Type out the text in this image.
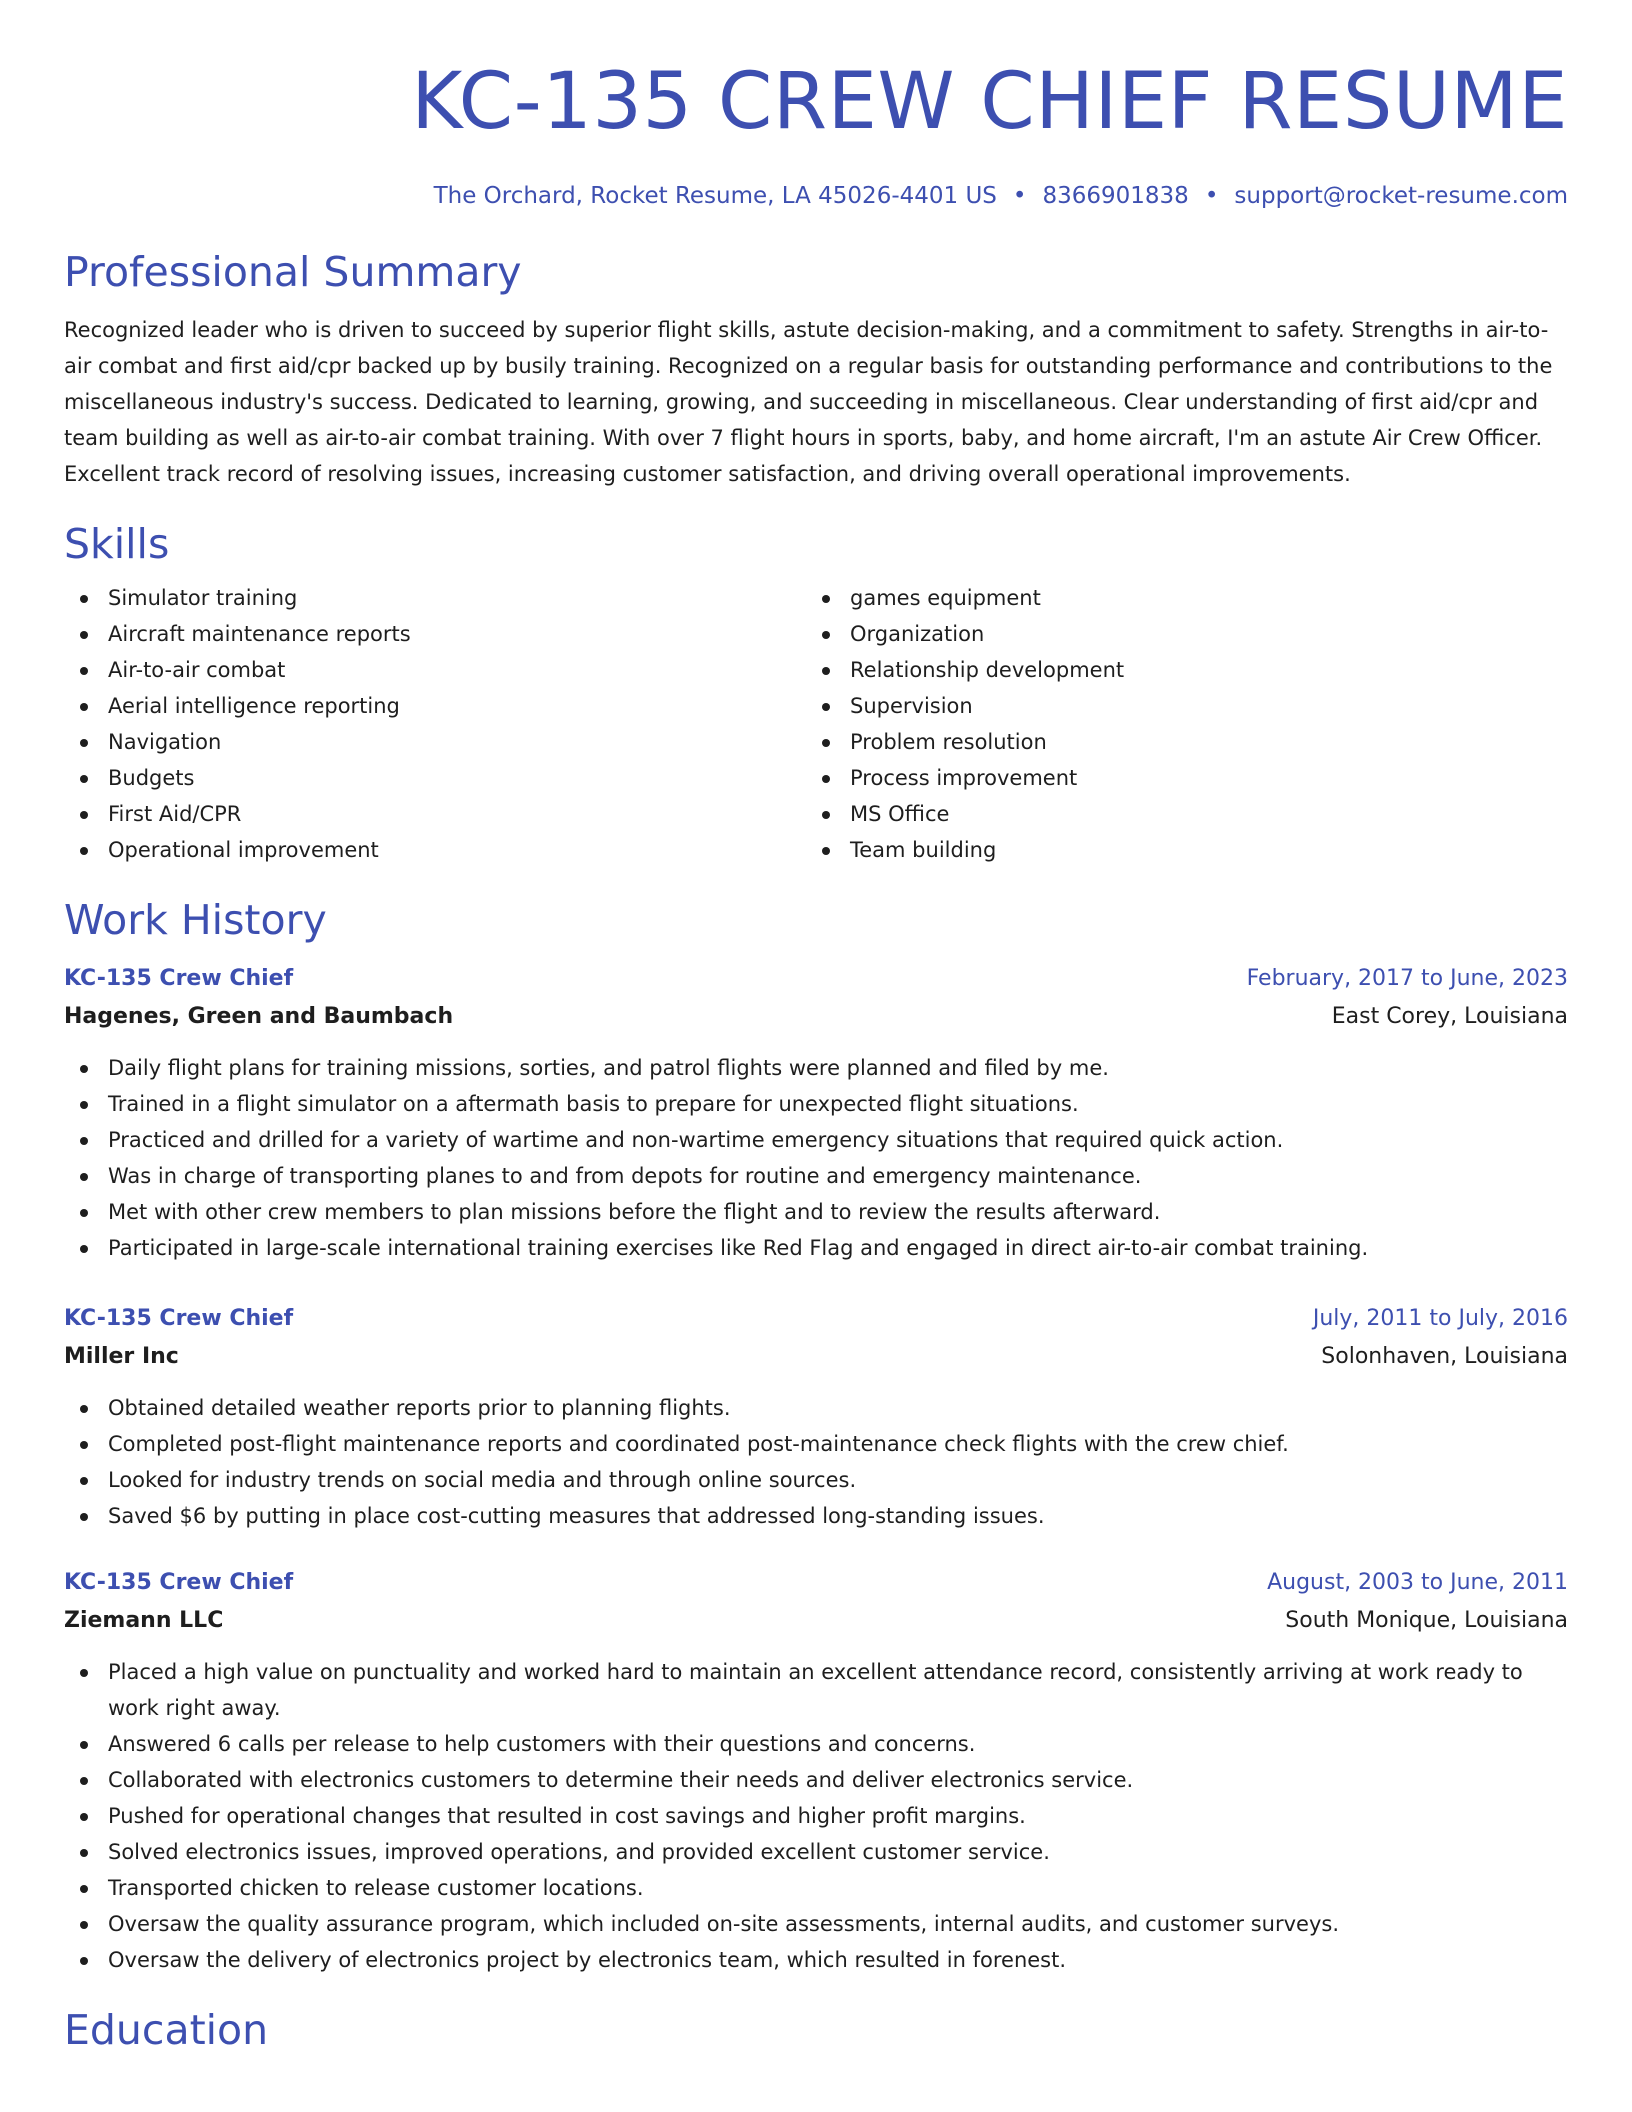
KC-135 CREW CHIEF RESUME
The Orchard, Rocket Resume, LA 45026-4401 US • 8366901838 • support@rocket-resume.com
Professional Summary

Recognized leader who is driven to succeed by superior flight skills, astute decision-making, and a commitment to safety. Strengths in air-to-air combat and first aid/cpr backed up by busily training. Recognized on a regular basis for outstanding performance and contributions to the miscellaneous industry's success. Dedicated to learning, growing, and succeeding in miscellaneous. Clear understanding of first aid/cpr and team building as well as air-to-air combat training. With over 7 flight hours in sports, baby, and home aircraft, I'm an astute Air Crew Officer. Excellent track record of resolving issues, increasing customer satisfaction, and driving overall operational improvements.

Skills
Simulator training
Aircraft maintenance reports
Air-to-air combat
Aerial intelligence reporting
Navigation
Budgets
First Aid/CPR
Operational improvement
games equipment
Organization
Relationship development
Supervision
Problem resolution
Process improvement
MS Office
Team building
Work History
KC-135 Crew Chief	February, 2017 to June, 2023
Hagenes, Green and Baumbach	East Corey, Louisiana
Daily flight plans for training missions, sorties, and patrol flights were planned and filed by me.
Trained in a flight simulator on a aftermath basis to prepare for unexpected flight situations.
Practiced and drilled for a variety of wartime and non-wartime emergency situations that required quick action.
Was in charge of transporting planes to and from depots for routine and emergency maintenance.
Met with other crew members to plan missions before the flight and to review the results afterward.
Participated in large-scale international training exercises like Red Flag and engaged in direct air-to-air combat training.
KC-135 Crew Chief	July, 2011 to July, 2016
Miller Inc	Solonhaven, Louisiana
Obtained detailed weather reports prior to planning flights.
Completed post-flight maintenance reports and coordinated post-maintenance check flights with the crew chief.
Looked for industry trends on social media and through online sources.
Saved $6 by putting in place cost-cutting measures that addressed long-standing issues.
KC-135 Crew Chief	August, 2003 to June, 2011
Ziemann LLC	South Monique, Louisiana
Placed a high value on punctuality and worked hard to maintain an excellent attendance record, consistently arriving at work ready to work right away.
Answered 6 calls per release to help customers with their questions and concerns.
Collaborated with electronics customers to determine their needs and deliver electronics service.
Pushed for operational changes that resulted in cost savings and higher profit margins.
Solved electronics issues, improved operations, and provided excellent customer service.
Transported chicken to release customer locations.
Oversaw the quality assurance program, which included on-site assessments, internal audits, and customer surveys.
Oversaw the delivery of electronics project by electronics team, which resulted in forenest.
Education
